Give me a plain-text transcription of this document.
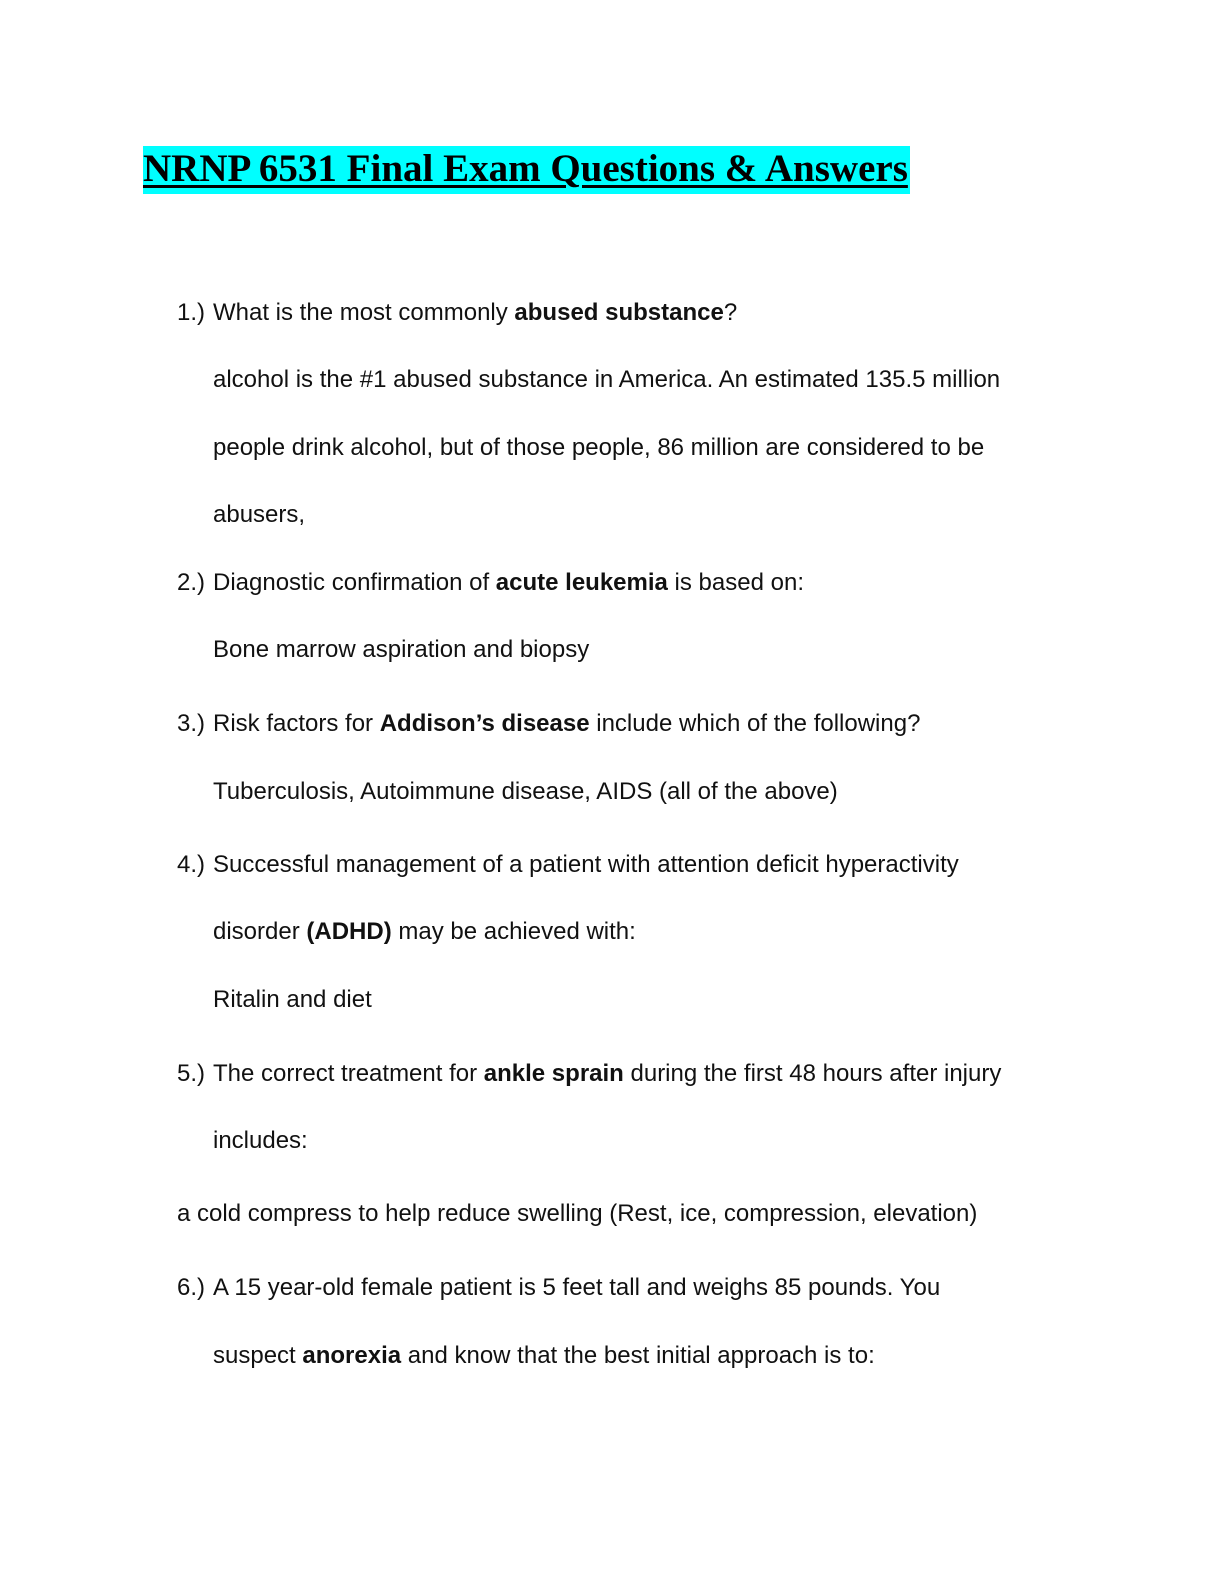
NRNP 6531 Final Exam Questions & Answers

1.) What is the most commonly abused substance?

alcohol is the #1 abused substance in America. An estimated 135.5 million

people drink alcohol, but of those people, 86 million are considered to be

abusers,

2.) Diagnostic confirmation of acute leukemia is based on:

Bone marrow aspiration and biopsy

3.) Risk factors for Addison’s disease include which of the following?

Tuberculosis, Autoimmune disease, AIDS (all of the above)

4.) Successful management of a patient with attention deficit hyperactivity

disorder (ADHD) may be achieved with:

Ritalin and diet

5.) The correct treatment for ankle sprain during the first 48 hours after injury

includes:

a cold compress to help reduce swelling (Rest, ice, compression, elevation)

6.) A 15 year-old female patient is 5 feet tall and weighs 85 pounds. You

suspect anorexia and know that the best initial approach is to:
